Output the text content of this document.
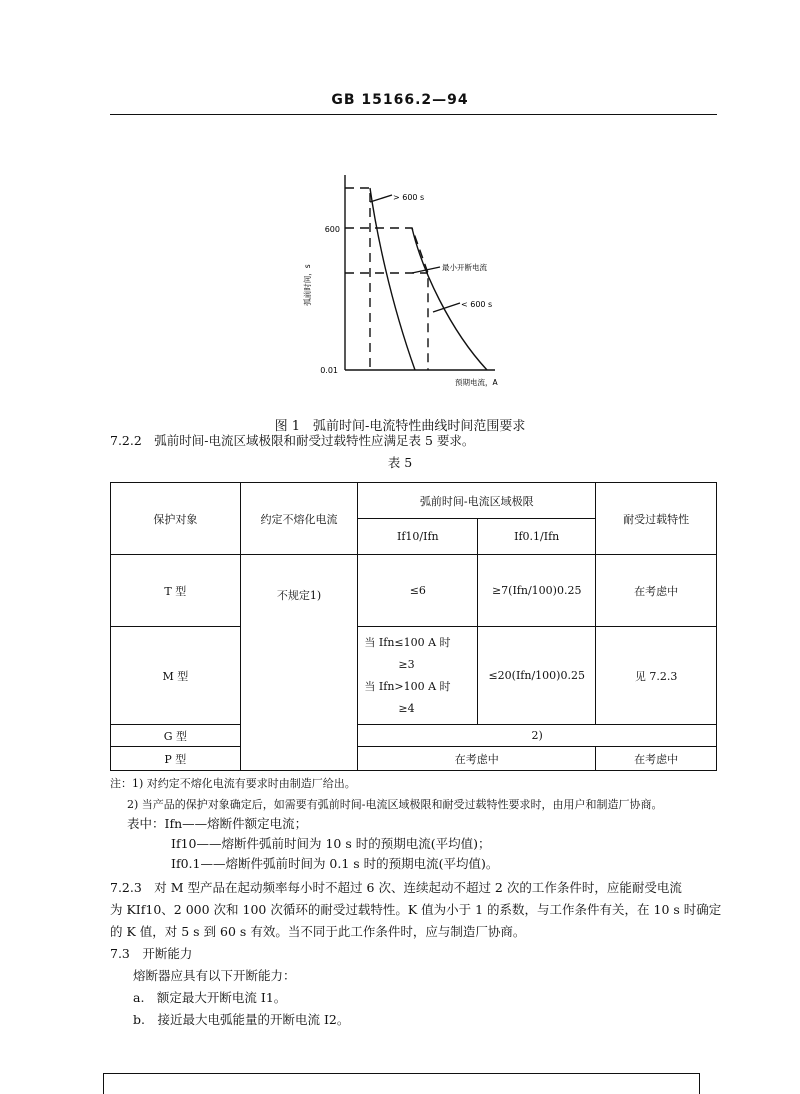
GB 15166.2—94
600
0.01
弧前时间，s
预期电流，A
> 600 s
最小开断电流
< 600 s
图 1　弧前时间-电流特性曲线时间范围要求
7.2.2　弧前时间-电流区域极限和耐受过载特性应满足表 5 要求。
表 5
保护对象	约定不熔化电流	弧前时间-电流区域极限		耐受过载特性
		If10/Ifn	If0.1/Ifn	
T 型	不规定1)	≤6	≥7(Ifn/100)0.25	在考虑中
M 型		当 Ifn≤100 A 时
≥3
当 Ifn>100 A 时
≥4	≤20(Ifn/100)0.25	见 7.2.3
G 型		2)		
P 型		在考虑中		在考虑中
注：1) 对约定不熔化电流有要求时由制造厂给出。
2) 当产品的保护对象确定后，如需要有弧前时间-电流区域极限和耐受过载特性要求时，由用户和制造厂协商。
表中：Ifn——熔断件额定电流；
If10——熔断件弧前时间为 10 s 时的预期电流(平均值)；
If0.1——熔断件弧前时间为 0.1 s 时的预期电流(平均值)。
7.2.3　对 M 型产品在起动频率每小时不超过 6 次、连续起动不超过 2 次的工作条件时，应能耐受电流
为 KIf10、2 000 次和 100 次循环的耐受过载特性。K 值为小于 1 的系数，与工作条件有关，在 10 s 时确定
的 K 值，对 5 s 到 60 s 有效。当不同于此工作条件时，应与制造厂协商。
7.3　开断能力
熔断器应具有以下开断能力：
a.　额定最大开断电流 I1。
b.　接近最大电弧能量的开断电流 I2。
